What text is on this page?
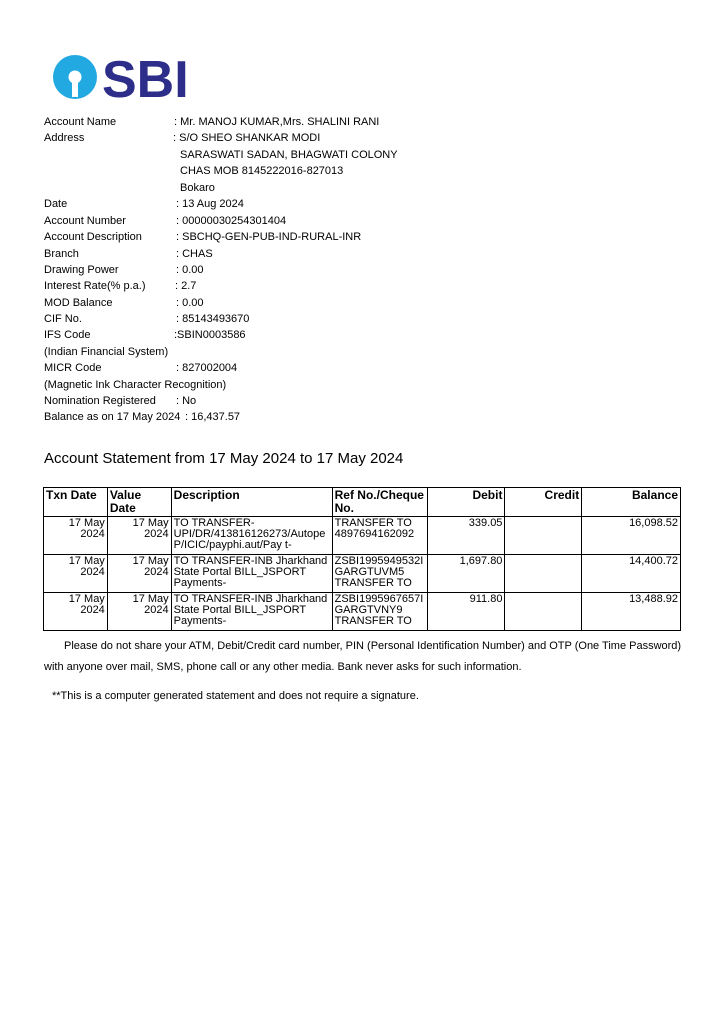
SBI
Account Name	: Mr. MANOJ KUMAR,Mrs. SHALINI RANI
Address	: S/O SHEO SHANKAR MODI
SARASWATI SADAN, BHAGWATI COLONY
CHAS MOB 8145222016-827013
Bokaro
Date	: 13 Aug 2024
Account Number	: 00000030254301404
Account Description	: SBCHQ-GEN-PUB-IND-RURAL-INR
Branch	: CHAS
Drawing Power	: 0.00
Interest Rate(% p.a.)	: 2.7
MOD Balance	: 0.00
CIF No.	: 85143493670
IFS Code	:SBIN0003586
(Indian Financial System)
MICR Code	: 827002004
(Magnetic Ink Character Recognition)
Nomination Registered : No
Balance as on 17 May 2024 : 16,437.57
Account Statement from 17 May 2024 to 17 May 2024
Txn Date	Value Date	Description	Ref No./Cheque No.	Debit	Credit	Balance
17 May 2024	17 May 2024	TO TRANSFER-UPI/DR/413816126273/Autope P/ICIC/payphi.aut/Pay t-	TRANSFER TO 4897694162092	339.05		16,098.52
17 May 2024	17 May 2024	TO TRANSFER-INB Jharkhand State Portal BILL_JSPORT Payments-	ZSBI1995949532I GARGTUVM5 TRANSFER TO	1,697.80		14,400.72
17 May 2024	17 May 2024	TO TRANSFER-INB Jharkhand State Portal BILL_JSPORT Payments-	ZSBI1995967657I GARGTVNY9 TRANSFER TO	911.80		13,488.92
Please do not share your ATM, Debit/Credit card number, PIN (Personal Identification Number) and OTP (One Time Password)
with anyone over mail, SMS, phone call or any other media. Bank never asks for such information.
**This is a computer generated statement and does not require a signature.
